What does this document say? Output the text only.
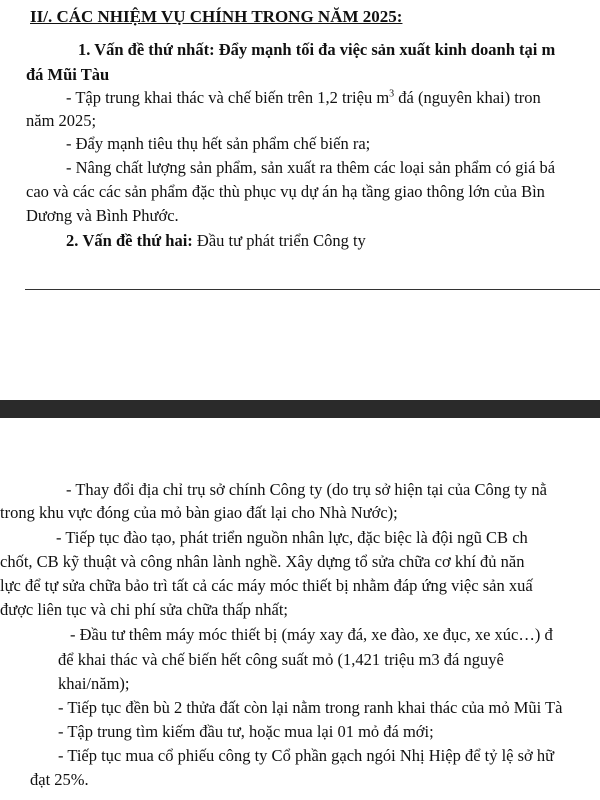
II/. CÁC NHIỆM VỤ CHÍNH TRONG NĂM 2025:
1. Vấn đề thứ nhất: Đẩy mạnh tối đa việc sản xuất kinh doanh tại m
đá Mũi Tàu
- Tập trung khai thác và chế biến trên 1,2 triệu $m^3$ đá (nguyên khai) tron
năm 2025;
- Đẩy mạnh tiêu thụ hết sản phẩm chế biến ra;
- Nâng chất lượng sản phẩm, sản xuất ra thêm các loại sản phẩm có giá bá
cao và các các sản phẩm đặc thù phục vụ dự án hạ tầng giao thông lớn của Bìn
Dương và Bình Phước.
2. Vấn đề thứ hai: Đầu tư phát triển Công ty
- Thay đổi địa chỉ trụ sở chính Công ty (do trụ sở hiện tại của Công ty nằ
trong khu vực đóng của mỏ bàn giao đất lại cho Nhà Nước);
- Tiếp tục đào tạo, phát triển nguồn nhân lực, đặc biệc là đội ngũ CB ch
chốt, CB kỹ thuật và công nhân lành nghề. Xây dựng tổ sửa chữa cơ khí đủ năn
lực để tự sửa chữa bảo trì tất cả các máy móc thiết bị nhằm đáp ứng việc sản xuấ
được liên tục và chi phí sửa chữa thấp nhất;
- Đầu tư thêm máy móc thiết bị (máy xay đá, xe đào, xe đục, xe xúc…) đ
để khai thác và chế biến hết công suất mỏ (1,421 triệu m3 đá nguyê
khai/năm);
- Tiếp tục đền bù 2 thửa đất còn lại nằm trong ranh khai thác của mỏ Mũi Tà
- Tập trung tìm kiếm đầu tư, hoặc mua lại 01 mỏ đá mới;
- Tiếp tục mua cổ phiếu công ty Cổ phần gạch ngói Nhị Hiệp để tỷ lệ sở hữ
đạt 25%.
